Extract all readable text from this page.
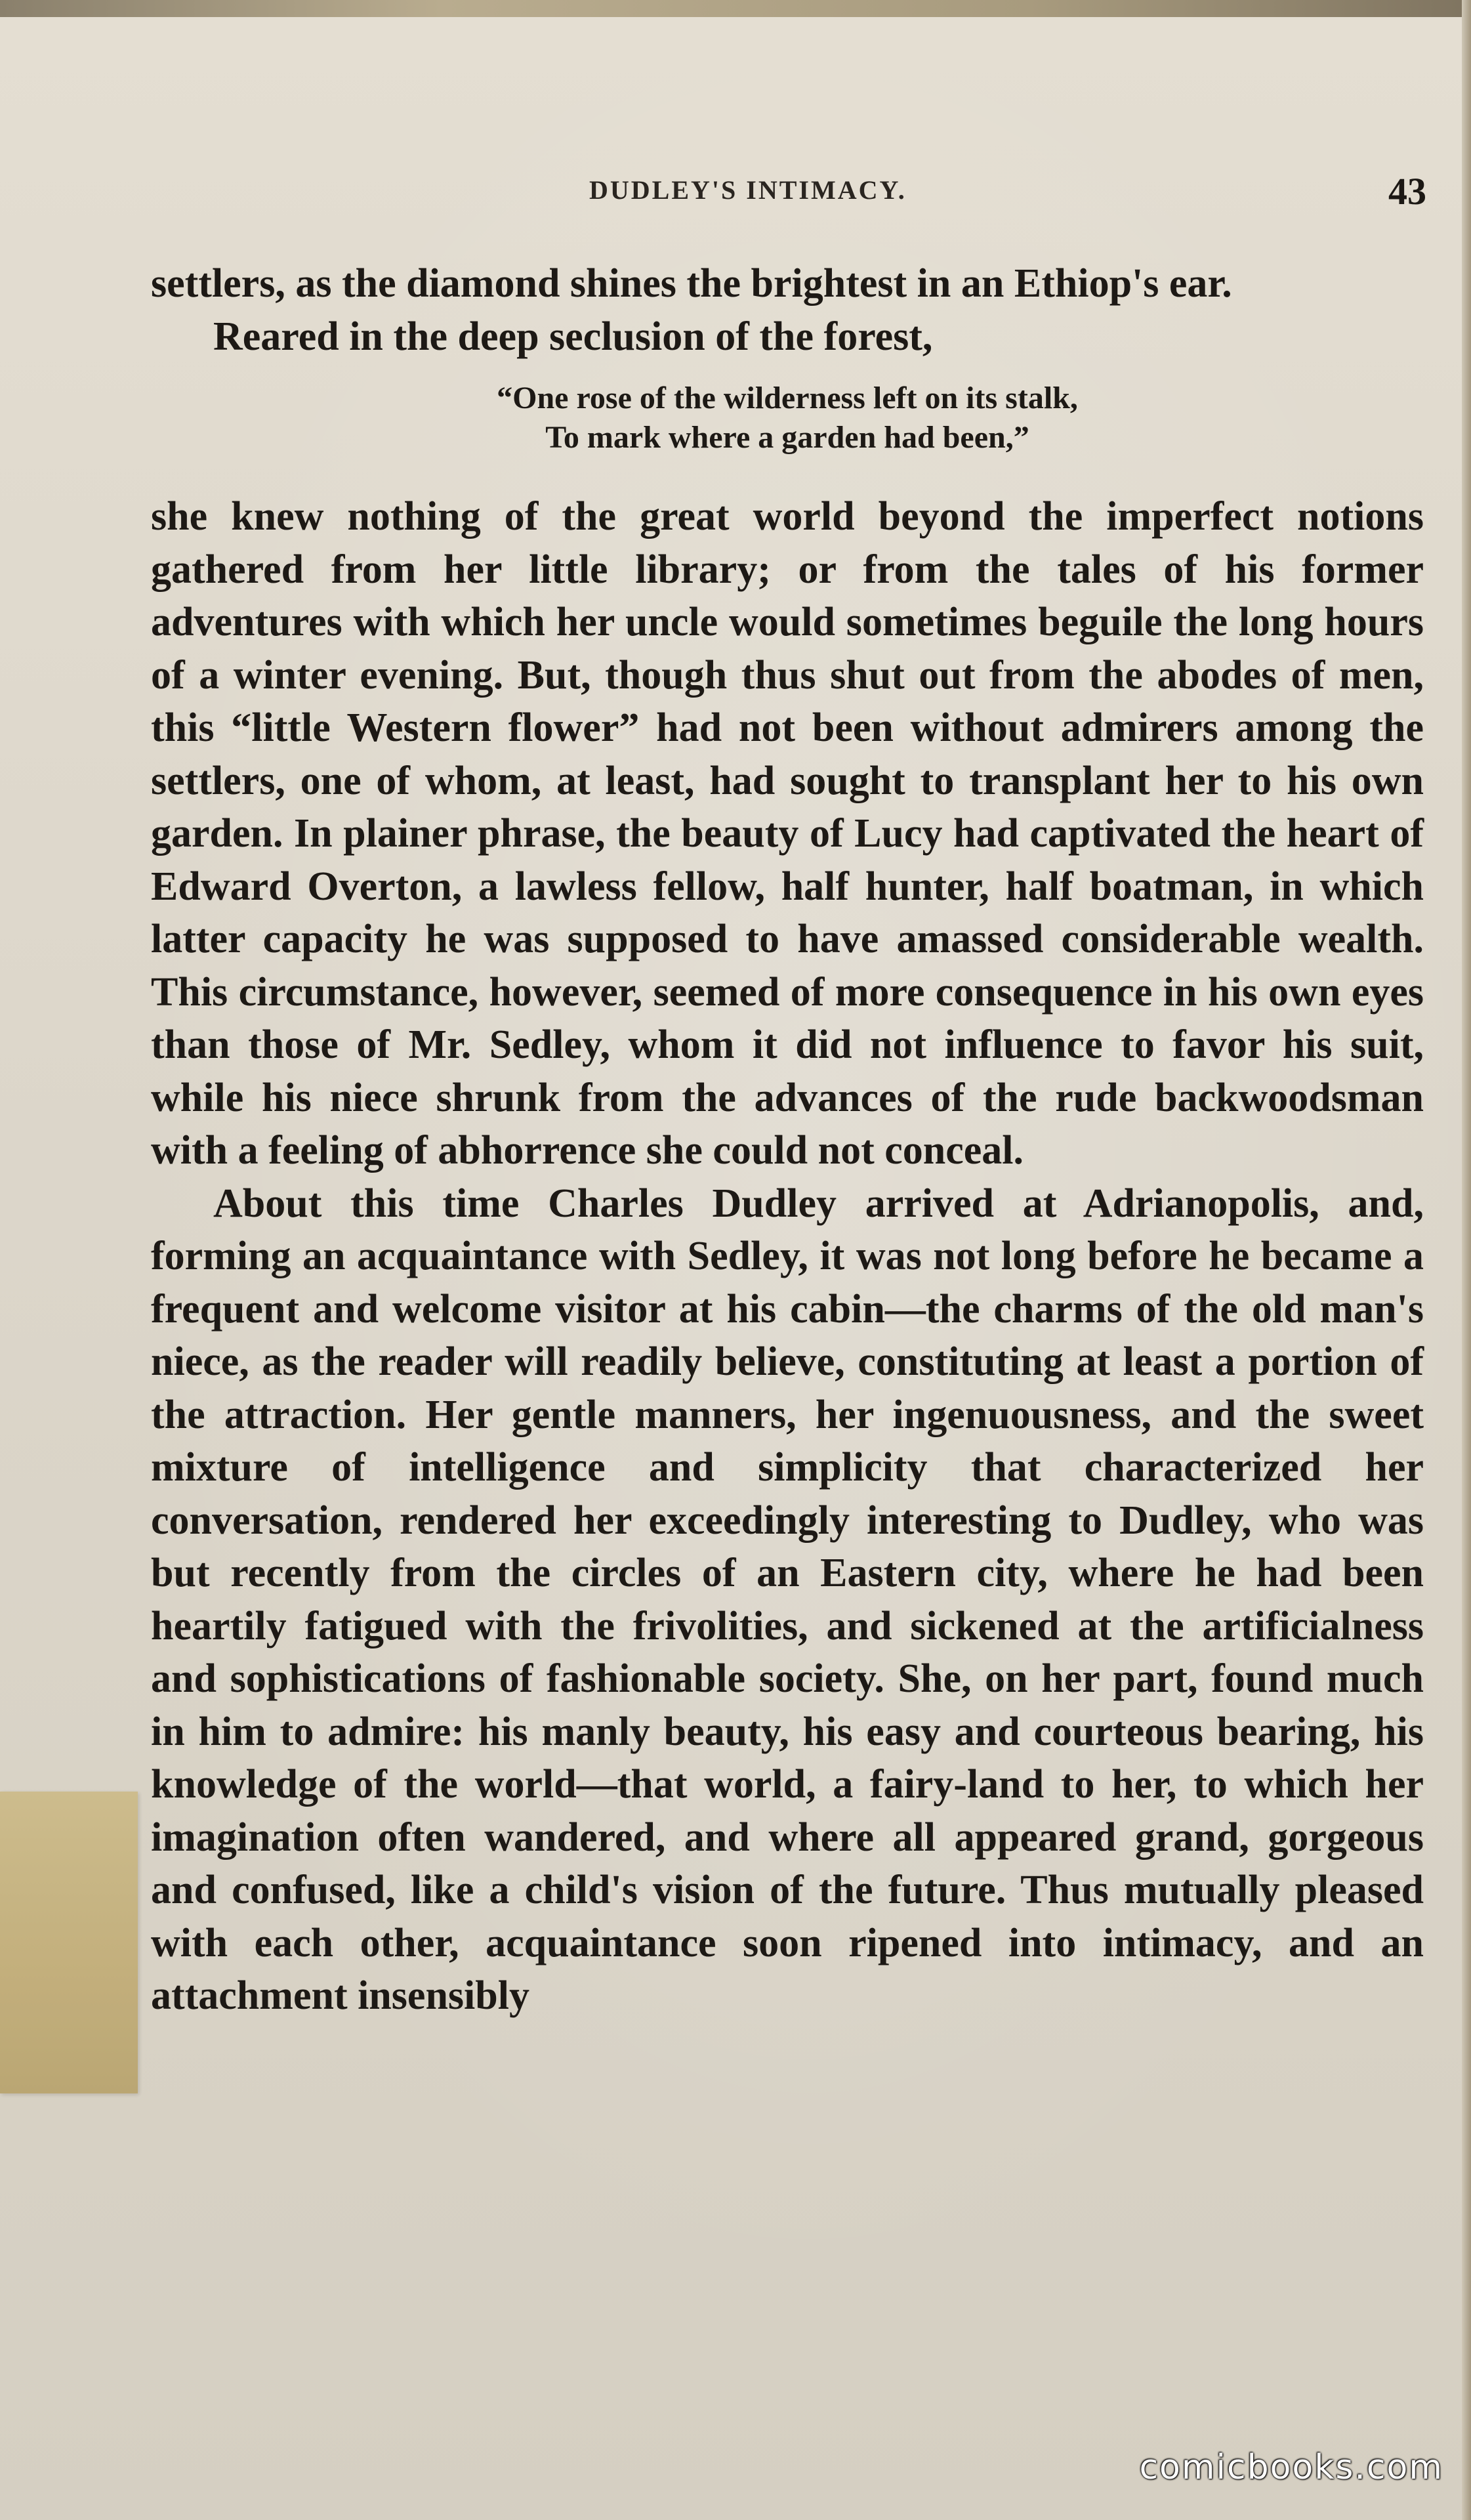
DUDLEY'S INTIMACY.	43

settlers, as the diamond shines the brightest in an Ethiop's ear.

Reared in the deep seclusion of the forest,

“One rose of the wilderness left on its stalk,
To mark where a garden had been,”

she knew nothing of the great world beyond the imperfect notions gathered from her little library; or from the tales of his former adventures with which her uncle would sometimes beguile the long hours of a winter evening. But, though thus shut out from the abodes of men, this “little Western flower” had not been without admirers among the settlers, one of whom, at least, had sought to transplant her to his own garden. In plainer phrase, the beauty of Lucy had captivated the heart of Edward Overton, a lawless fellow, half hunter, half boatman, in which latter capacity he was supposed to have amassed considerable wealth. This circumstance, however, seemed of more consequence in his own eyes than those of Mr. Sedley, whom it did not influence to favor his suit, while his niece shrunk from the advances of the rude backwoodsman with a feeling of abhorrence she could not conceal.

About this time Charles Dudley arrived at Adrianopolis, and, forming an acquaintance with Sedley, it was not long before he became a frequent and welcome visitor at his cabin—the charms of the old man's niece, as the reader will readily believe, constituting at least a portion of the attraction. Her gentle manners, her ingenuousness, and the sweet mixture of intelligence and simplicity that characterized her conversation, rendered her exceedingly interesting to Dudley, who was but recently from the circles of an Eastern city, where he had been heartily fatigued with the frivolities, and sickened at the artificialness and sophistications of fashionable society. She, on her part, found much in him to admire: his manly beauty, his easy and courteous bearing, his knowledge of the world—that world, a fairy-land to her, to which her imagination often wandered, and where all appeared grand, gorgeous and confused, like a child's vision of the future. Thus mutually pleased with each other, acquaintance soon ripened into intimacy, and an attachment insensibly

comicbooks.com
